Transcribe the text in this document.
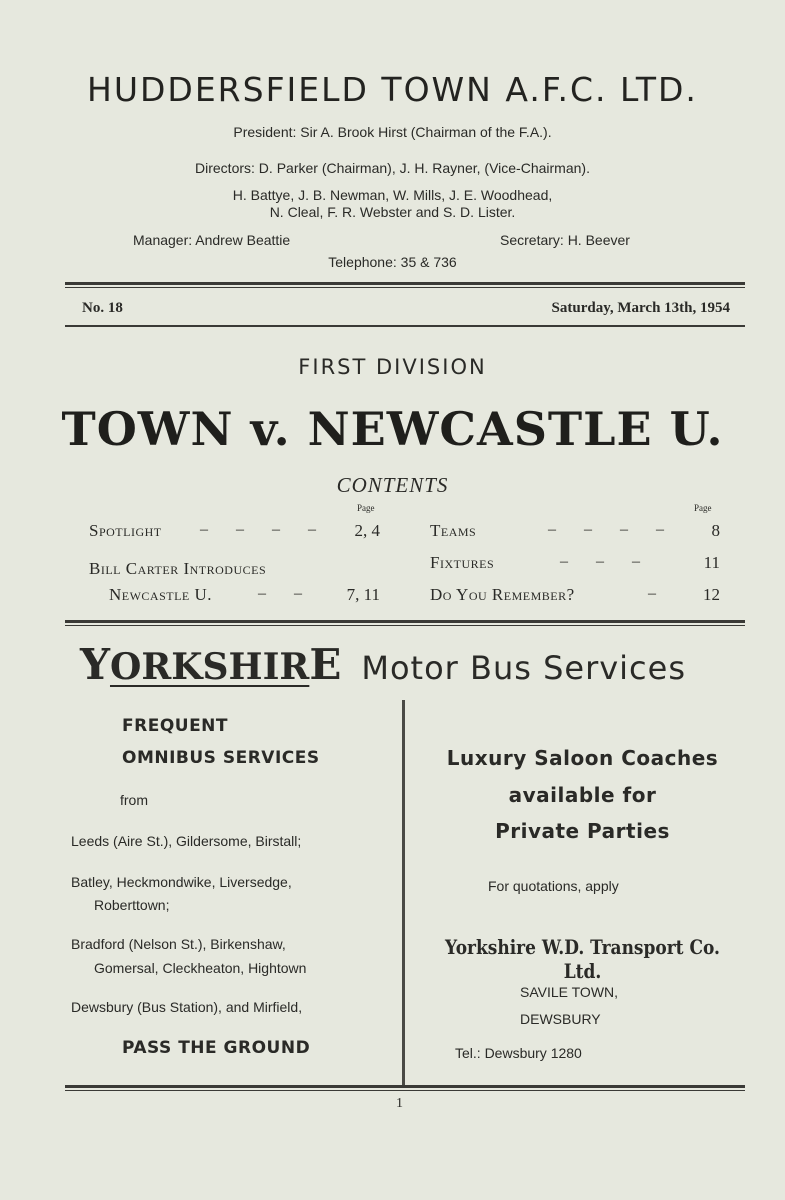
HUDDERSFIELD TOWN A.F.C. LTD.
President: Sir A. Brook Hirst (Chairman of the F.A.).
Directors: D. Parker (Chairman), J. H. Rayner, (Vice-Chairman).
H. Battye, J. B. Newman, W. Mills, J. E. Woodhead,
N. Cleal, F. R. Webster and S. D. Lister.
Manager: Andrew Beattie	Secretary: H. Beever
Telephone: 35 & 736
No. 18	Saturday, March 13th, 1954
FIRST DIVISION
TOWN v. NEWCASTLE U.
CONTENTS
Page	Page
Spotlight – – – –	2, 4
Bill Carter Introduces
Newcastle U.	– –	7, 11
Teams	– – – –	8
Fixtures	– – –	11
Do You Remember?	–	12
YORKSHIRE Motor Bus Services
FREQUENT
OMNIBUS SERVICES
from
Leeds (Aire St.), Gildersome, Birstall;
Batley, Heckmondwike, Liversedge,
Roberttown;
Bradford (Nelson St.), Birkenshaw,
Gomersal, Cleckheaton, Hightown
Dewsbury (Bus Station), and Mirfield,
PASS THE GROUND
Luxury Saloon Coaches
available for
Private Parties
For quotations, apply
Yorkshire W.D. Transport Co. Ltd.
SAVILE TOWN,
DEWSBURY
Tel.: Dewsbury 1280
1
